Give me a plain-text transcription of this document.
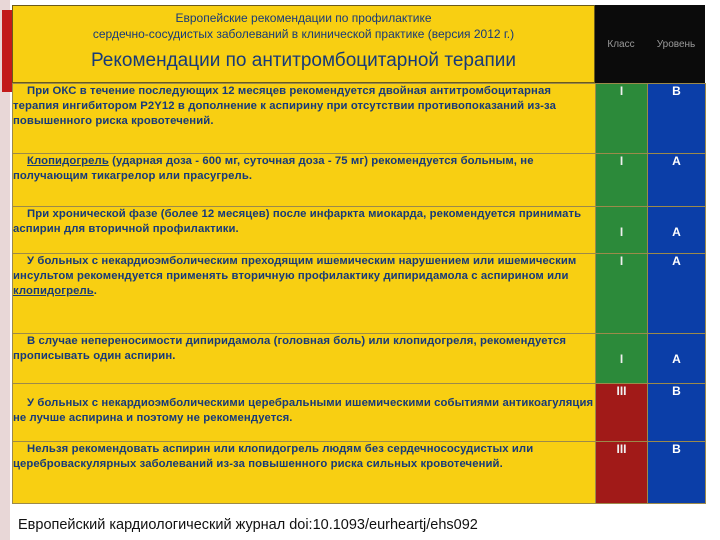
Европейские рекомендации по профилактике
сердечно-сосудистых заболеваний в клинической практике (версия 2012 г.)
Рекомендации по антитромбоцитарной терапии
Класс	Уровень
При ОКС в течение последующих 12 месяцев рекомендуется двойная антитромбоцитарная терапия ингибитором P2Y12 в дополнение к аспирину при отсутствии противопоказаний из-за повышенного риска кровотечений.	I	B
Клопидогрель (ударная доза - 600 мг, суточная доза - 75 мг) рекомендуется больным, не получающим тикагрелор или прасугрель.	I	A
При хронической фазе (более 12 месяцев) после инфаркта миокарда, рекомендуется принимать аспирин для вторичной профилактики.	I	A
У больных с некардиоэмболическим преходящим ишемическим нарушением или ишемическим инсультом рекомендуется применять вторичную профилактику дипиридамола с аспирином или клопидогрель.	I	A
В случае непереносимости дипиридамола (головная боль) или клопидогреля, рекомендуется прописывать один аспирин.	I	A
У больных с некардиоэмболическими церебральными ишемическими событиями антикоагуляция не лучше аспирина и поэтому не рекомендуется.	III	B
Нельзя рекомендовать аспирин или клопидогрель людям без сердечнососудистых или цереброваскулярных заболеваний из-за повышенного риска сильных кровотечений.	III	B
Европейский кардиологический журнал doi:10.1093/eurheartj/ehs092
